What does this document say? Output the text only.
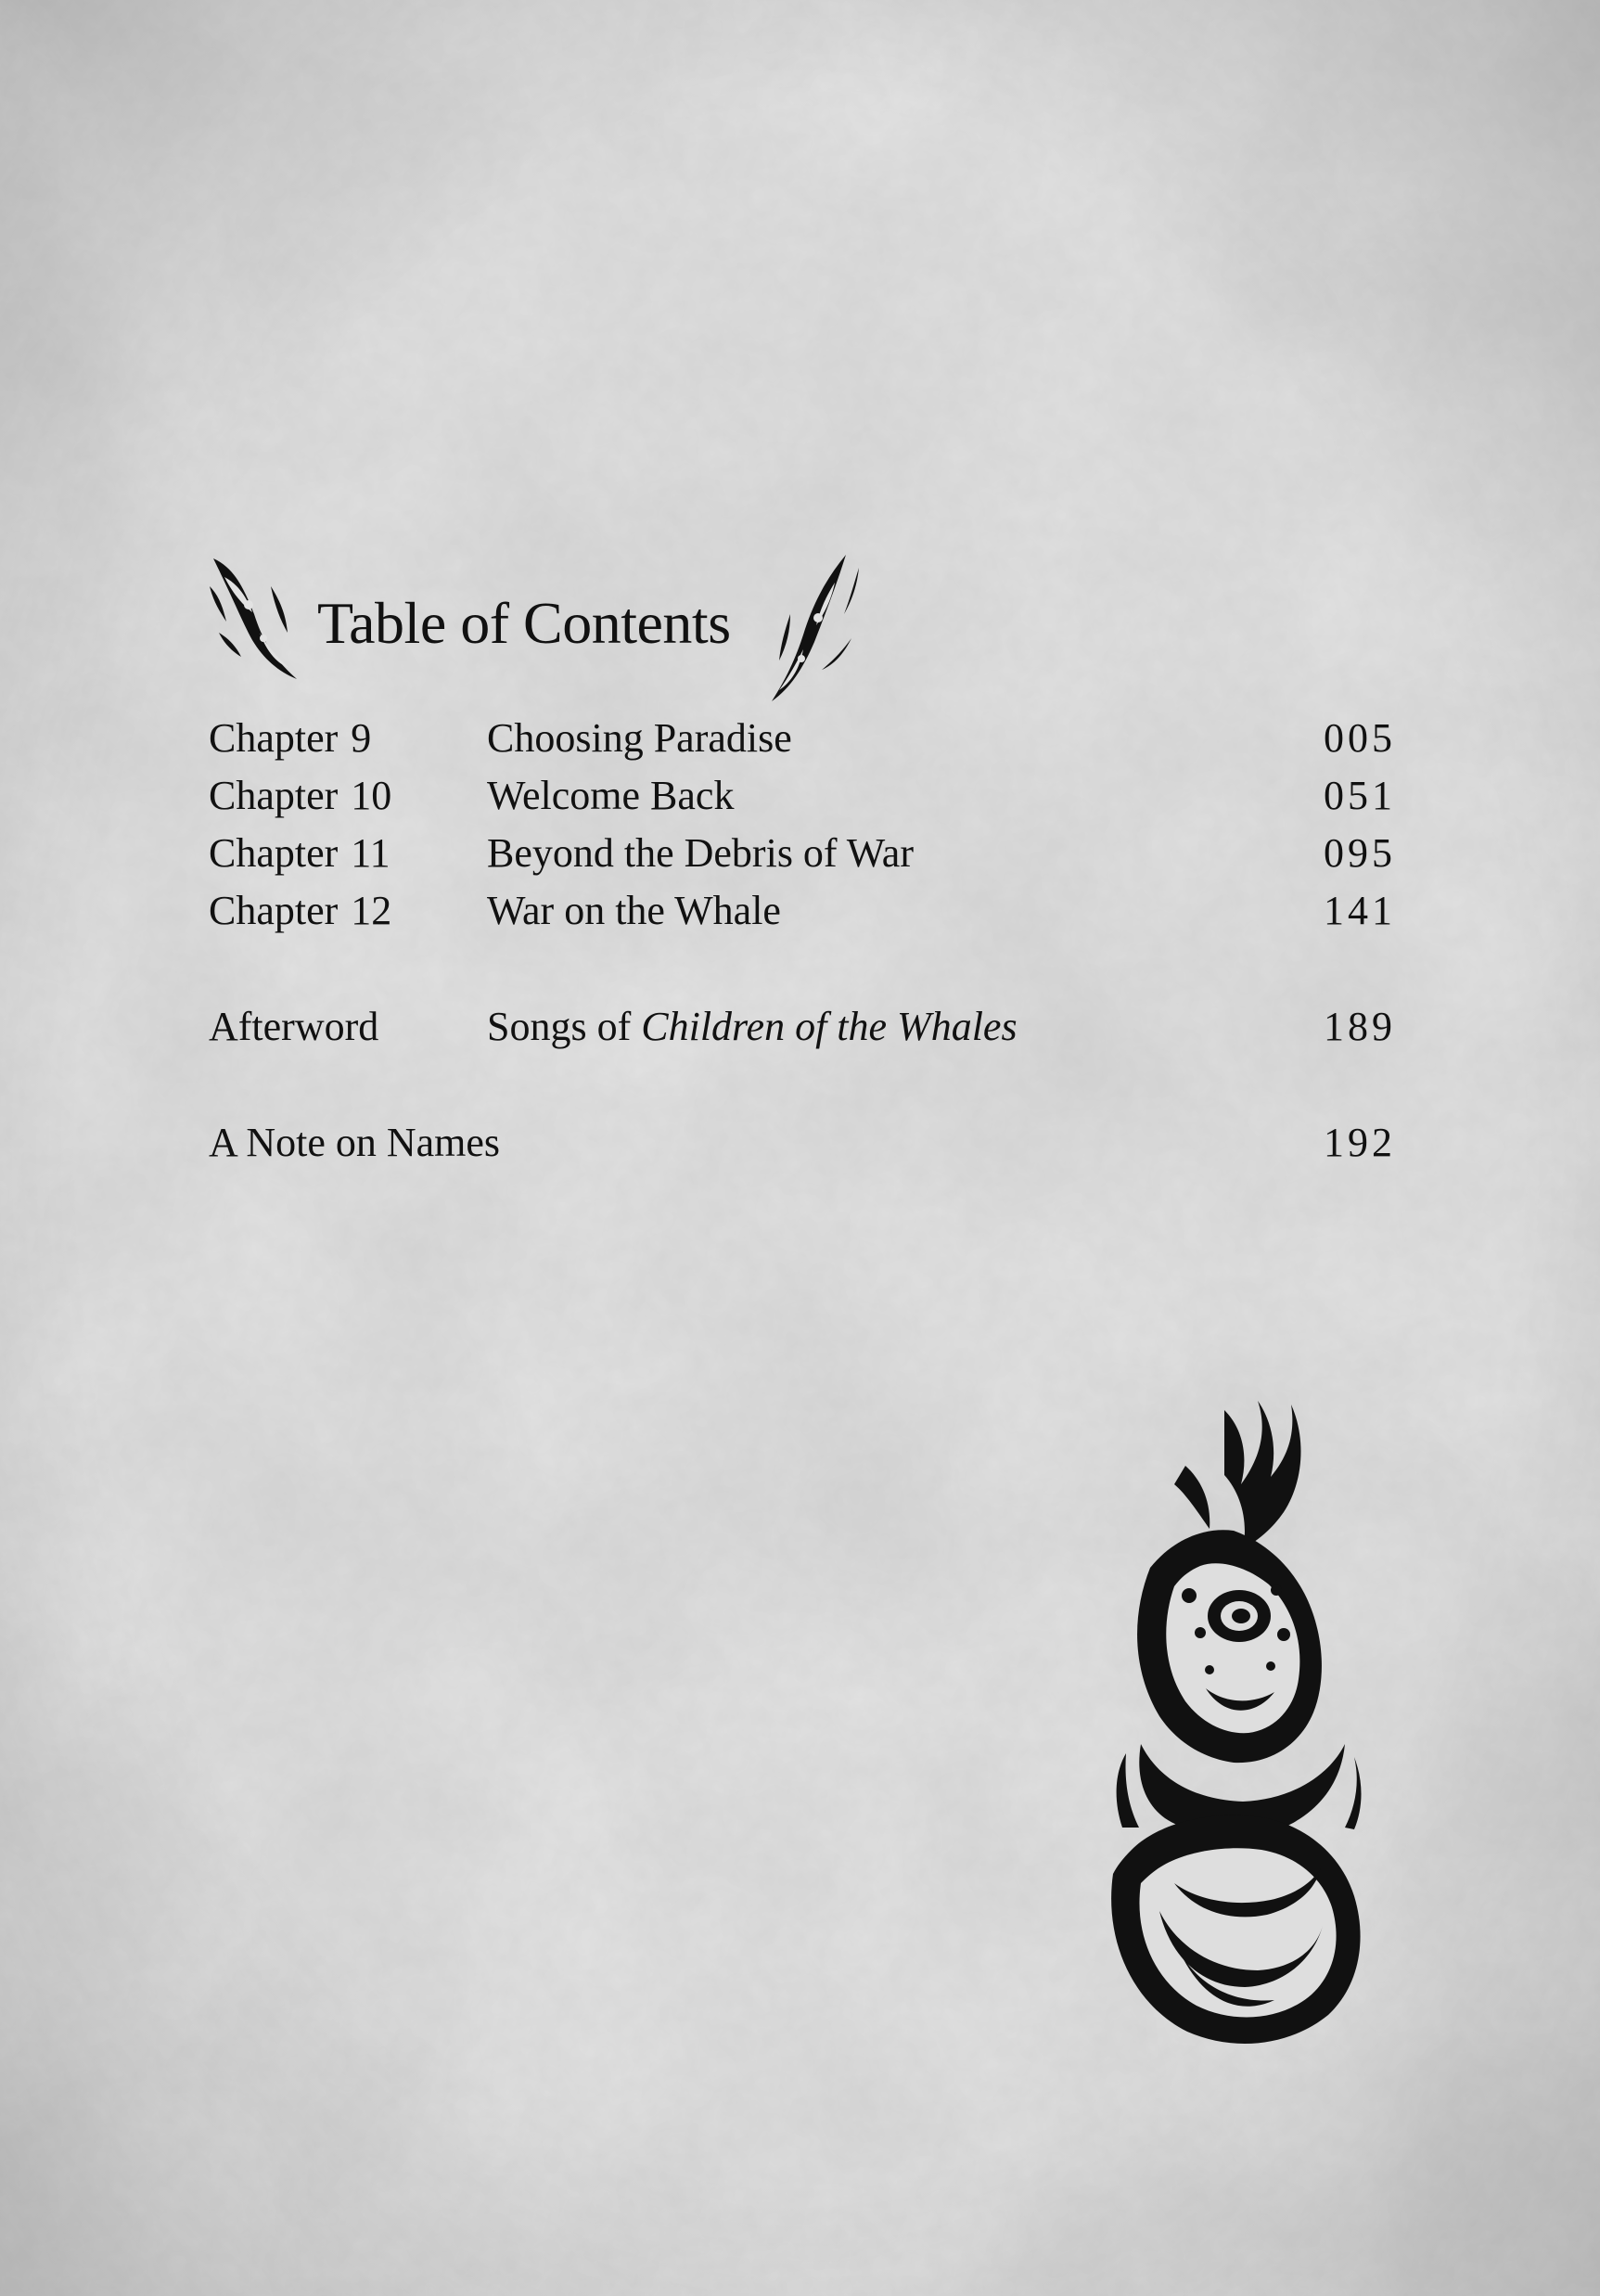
Table of Contents
Chapter 9	Choosing Paradise	005
Chapter 10 Welcome Back	051
Chapter 11 Beyond the Debris of War	095
Chapter 12 War on the Whale	141
Afterword	Songs of Children of the Whales	189
A Note on Names	192
